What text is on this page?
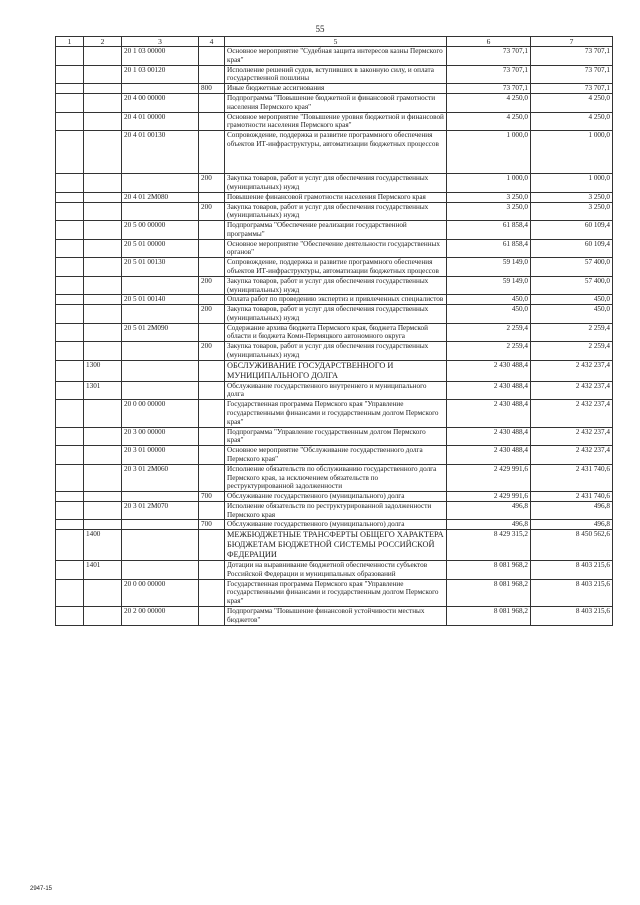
55
1	2	3	4	5	6	7
		20 1 03 00000		Основное мероприятие "Судебная защита интересов казны Пермского края"	73 707,1	73 707,1
		20 1 03 00120		Исполнение решений судов, вступивших в законную силу, и оплата государственной пошлины	73 707,1	73 707,1
			800	Иные бюджетные ассигнования	73 707,1	73 707,1
		20 4 00 00000		Подпрограмма "Повышение бюджетной и финансовой грамотности населения Пермского края"	4 250,0	4 250,0
		20 4 01 00000		Основное мероприятие "Повышение уровня бюджетной и финансовой грамотности населения Пермского края"	4 250,0	4 250,0
		20 4 01 00130		Сопровождение, поддержка и развитие программного обеспечения объектов ИТ-инфраструктуры, автоматизации бюджетных процессов	1 000,0	1 000,0
			200	Закупка товаров, работ и услуг для обеспечения государственных (муниципальных) нужд	1 000,0	1 000,0
		20 4 01 2М080		Повышение финансовой грамотности населения Пермского края	3 250,0	3 250,0
			200	Закупка товаров, работ и услуг для обеспечения государственных (муниципальных) нужд	3 250,0	3 250,0
		20 5 00 00000		Подпрограмма "Обеспечение реализации государственной программы"	61 858,4	60 109,4
		20 5 01 00000		Основное мероприятие "Обеспечение деятельности государственных органов"	61 858,4	60 109,4
		20 5 01 00130		Сопровождение, поддержка и развитие программного обеспечения объектов ИТ-инфраструктуры, автоматизации бюджетных процессов	59 149,0	57 400,0
			200	Закупка товаров, работ и услуг для обеспечения государственных (муниципальных) нужд	59 149,0	57 400,0
		20 5 01 00140		Оплата работ по проведению экспертиз и привлеченных специалистов	450,0	450,0
			200	Закупка товаров, работ и услуг для обеспечения государственных (муниципальных) нужд	450,0	450,0
		20 5 01 2М090		Содержание архива бюджета Пермского края, бюджета Пермской области и бюджета Коми-Пермяцкого автономного округа	2 259,4	2 259,4
			200	Закупка товаров, работ и услуг для обеспечения государственных (муниципальных) нужд	2 259,4	2 259,4
	1300			ОБСЛУЖИВАНИЕ ГОСУДАРСТВЕННОГО И МУНИЦИПАЛЬНОГО ДОЛГА	2 430 488,4	2 432 237,4
	1301			Обслуживание государственного внутреннего и муниципального долга	2 430 488,4	2 432 237,4
		20 0 00 00000		Государственная программа Пермского края "Управление государственными финансами и государственным долгом Пермского края"	2 430 488,4	2 432 237,4
		20 3 00 00000		Подпрограмма "Управление государственным долгом Пермского края"	2 430 488,4	2 432 237,4
		20 3 01 00000		Основное мероприятие "Обслуживание государственного долга Пермского края"	2 430 488,4	2 432 237,4
		20 3 01 2М060		Исполнение обязательств по обслуживанию государственного долга Пермского края, за исключением обязательств по реструктурированной задолженности	2 429 991,6	2 431 740,6
			700	Обслуживание государственного (муниципального) долга	2 429 991,6	2 431 740,6
		20 3 01 2М070		Исполнение обязательств по реструктурированной задолженности Пермского края	496,8	496,8
			700	Обслуживание государственного (муниципального) долга	496,8	496,8
	1400			МЕЖБЮДЖЕТНЫЕ ТРАНСФЕРТЫ ОБЩЕГО ХАРАКТЕРА БЮДЖЕТАМ БЮДЖЕТНОЙ СИСТЕМЫ РОССИЙСКОЙ ФЕДЕРАЦИИ	8 429 315,2	8 450 562,6
	1401			Дотации на выравнивание бюджетной обеспеченности субъектов Российской Федерации и муниципальных образований	8 081 968,2	8 403 215,6
		20 0 00 00000		Государственная программа Пермского края "Управление государственными финансами и государственным долгом Пермского края"	8 081 968,2	8 403 215,6
		20 2 00 00000		Подпрограмма "Повышение финансовой устойчивости местных бюджетов"	8 081 968,2	8 403 215,6
2947-15
